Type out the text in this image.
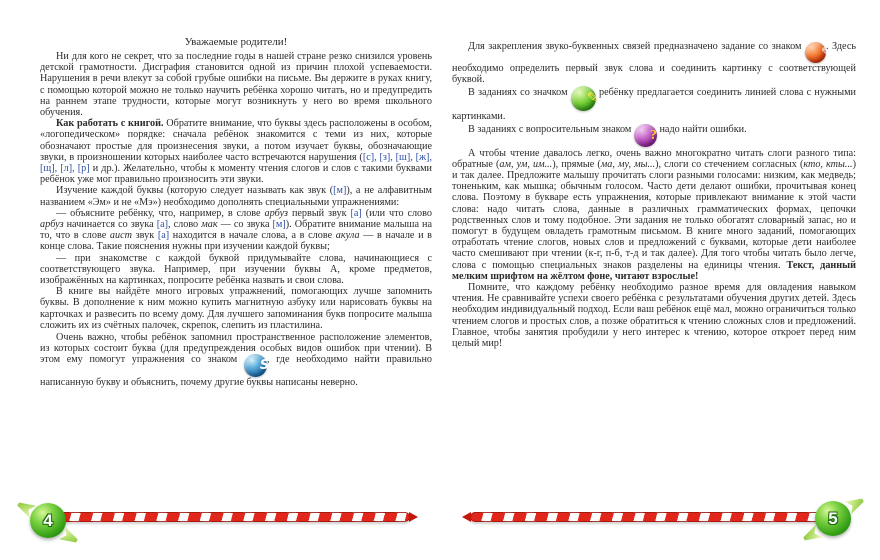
Уважаемые родители!

Ни для кого не секрет, что за последние годы в нашей стране резко снизился уровень детской грамотности. Дисграфия становится одной из причин плохой успеваемости. Нарушения в речи влекут за собой грубые ошибки на письме. Вы держите в руках книгу, с помощью которой можно не только научить ребёнка хорошо читать, но и предупредить на раннем этапе трудности, которые могут возникнуть у него во время школьного обучения.

Как работать с книгой. Обратите внимание, что буквы здесь расположены в особом, «логопедическом» порядке: сначала ребёнок знакомится с теми из них, которые обозначают простые для произнесения звуки, а потом изучает буквы, обозначающие звуки, в произношении которых наиболее часто встречаются нарушения ([с], [з], [ш], [ж], [щ], [л], [р] и др.). Желательно, чтобы к моменту чтения слогов и слов с такими буквами ребёнок уже мог правильно произносить эти звуки.

Изучение каждой буквы (которую следует называть как звук ([м]), а не алфавитным названием «Эм» и не «Мэ») необходимо дополнять специальными упражнениями:

— объясните ребёнку, что, например, в слове арбуз первый звук [а] (или что слово арбуз начинается со звука [а], слово мак — со звука [м]). Обратите внимание малыша на то, что в слове аист звук [а] находится в начале слова, а в слове акула — в начале и в конце слова. Такие пояснения нужны при изучении каждой буквы;

— при знакомстве с каждой буквой придумывайте слова, начинающиеся с соответствующего звука. Например, при изучении буквы А, кроме предметов, изображённых на картинках, попросите ребёнка назвать и свои слова.

В книге вы найдёте много игровых упражнений, помогающих лучше запомнить буквы. В дополнение к ним можно купить магнитную азбуку или нарисовать буквы на карточках и развесить по всему дому. Для лучшего запоминания букв попросите малыша сложить их из счётных палочек, скрепок, слепить из пластилина.

Очень важно, чтобы ребёнок запомнил пространственное расположение элементов, из которых состоит буква (для предупреждения особых видов ошибок при чтении). В этом ему помогут упражнения со знаком S, где необходимо найти правильно написанную букву и объяснить, почему другие буквы написаны неверно.

Для закрепления звуко-буквенных связей предназначено задание со знаком ✎. Здесь необходимо определить первый звук слова и соединить картинку с соответствующей буквой.

В заданиях со значком ✎ ребёнку предлагается соединить линией слова с нужными картинками.

В заданиях с вопросительным знаком ? надо найти ошибки.

А чтобы чтение давалось легко, очень важно многократно читать слоги разного типа: обратные (ам, ум, им...), прямые (ма, му, мы...), слоги со стечением согласных (кто, кты...) и так далее. Предложите малышу прочитать слоги разными голосами: низким, как медведь; тоненьким, как мышка; обычным голосом. Часто дети делают ошибки, прочитывая конец слова. Поэтому в букваре есть упражнения, которые привлекают внимание к этой части слова: надо читать слова, данные в различных грамматических формах, цепочки родственных слов и тому подобное. Эти задания не только обогатят словарный запас, но и помогут в будущем овладеть грамотным письмом. В книге много заданий, помогающих отработать чтение слогов, новых слов и предложений с буквами, которые дети наиболее часто смешивают при чтении (к-г, п-б, т-д и так далее). Для того чтобы читать было легче, слова с помощью специальных знаков разделены на единицы чтения. Текст, данный мелким шрифтом на жёлтом фоне, читают взрослые!

Помните, что каждому ребёнку необходимо разное время для овладения навыком чтения. Не сравнивайте успехи своего ребёнка с результатами обучения других детей. Здесь необходим индивидуальный подход. Если ваш ребёнок ещё мал, можно ограничиться только чтением слогов и простых слов, а позже обратиться к чтению сложных слов и предложений. Главное, чтобы занятия пробудили у него интерес к чтению, которое откроет перед ним целый мир!

4	5
